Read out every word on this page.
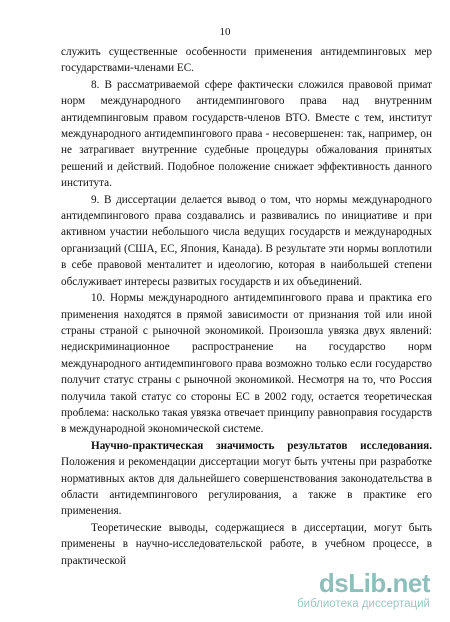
10

служить существенные особенности применения антидемпинговых мер государствами-членами ЕС.

8. В рассматриваемой сфере фактически сложился правовой примат норм международного антидемпингового права над внутренним антидемпинговым правом государств-членов ВТО. Вместе с тем, институт международного антидемпингового права - несовершенен: так, например, он не затрагивает внутренние судебные процедуры обжалования принятых решений и действий. Подобное положение снижает эффективность данного института.

9. В диссертации делается вывод о том, что нормы международного антидемпингового права создавались и развивались по инициативе и при активном участии небольшого числа ведущих государств и международных организаций (США, ЕС, Япония, Канада). В результате эти нормы воплотили в себе правовой менталитет и идеологию, которая в наибольшей степени обслуживает интересы развитых государств и их объединений.

10. Нормы международного антидемпингового права и практика его применения находятся в прямой зависимости от признания той или иной страны страной с рыночной экономикой. Произошла увязка двух явлений: недискриминационное распространение на государство норм международного антидемпингового права возможно только если государство получит статус страны с рыночной экономикой. Несмотря на то, что Россия получила такой статус со стороны ЕС в 2002 году, остается теоретическая проблема: насколько такая увязка отвечает принципу равноправия государств в международной экономической системе.

Научно-практическая значимость результатов исследования. Положения и рекомендации диссертации могут быть учтены при разработке нормативных актов для дальнейшего совершенствования законодательства в области антидемпингового регулирования, а также в практике его применения.

Теоретические выводы, содержащиеся в диссертации, могут быть применены в научно-исследовательской работе, в учебном процессе, в практической

dsLib.net
библиотека диссертаций
